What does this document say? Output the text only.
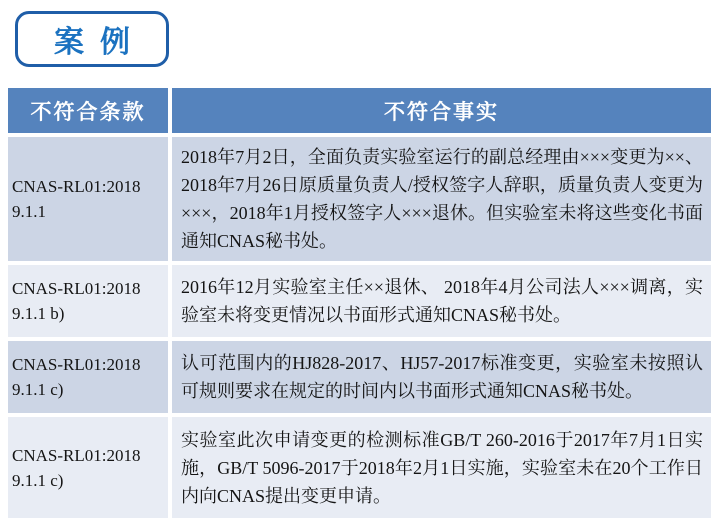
案例
不符合条款	不符合事实
CNAS-RL01:2018
9.1.1
2018年7月2日，全面负责实验室运行的副总经理由×××变更为××、2018年7月26日原质量负责人/授权签字人辞职，质量负责人变更为×××，2018年1月授权签字人×××退休。但实验室未将这些变化书面通知CNAS秘书处。
CNAS-RL01:2018
9.1.1 b)
2016年12月实验室主任××退休、 2018年4月公司法人×××调离，实验室未将变更情况以书面形式通知CNAS秘书处。
CNAS-RL01:2018
9.1.1 c)
认可范围内的HJ828-2017、HJ57-2017标准变更，实验室未按照认可规则要求在规定的时间内以书面形式通知CNAS秘书处。
CNAS-RL01:2018
9.1.1 c)
实验室此次申请变更的检测标准GB/T 260-2016于2017年7月1日实施，GB/T 5096-2017于2018年2月1日实施，实验室未在20个工作日内向CNAS提出变更申请。
